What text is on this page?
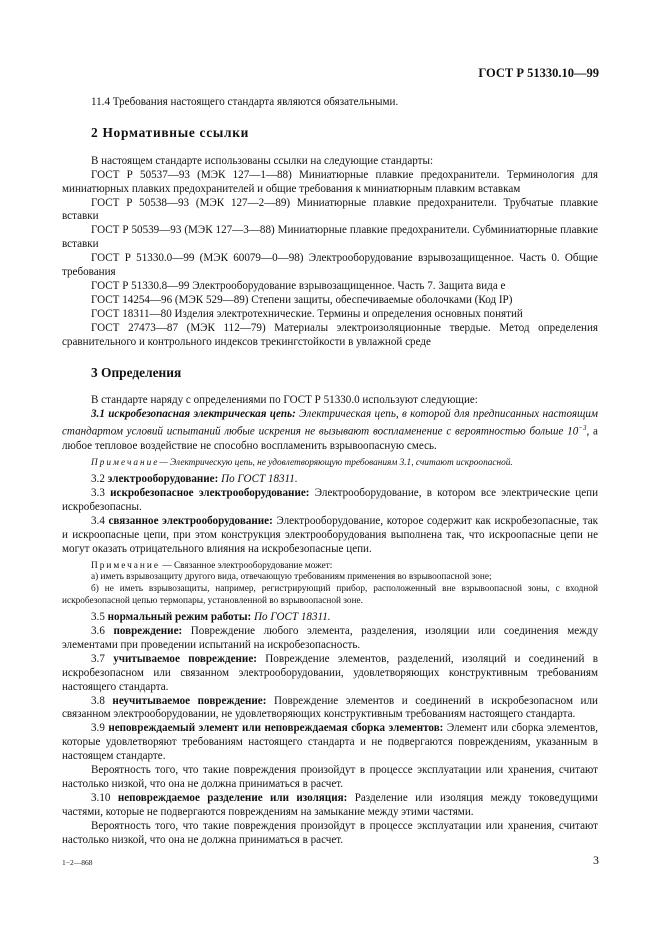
ГОСТ Р 51330.10—99

11.4 Требования настоящего стандарта являются обязательными.

2 Нормативные ссылки

В настоящем стандарте использованы ссылки на следующие стандарты:

ГОСТ Р 50537—93 (МЭК 127—1—88) Миниатюрные плавкие предохранители. Терминология для миниатюрных плавких предохранителей и общие требования к миниатюрным плавким вставкам

ГОСТ Р 50538—93 (МЭК 127—2—89) Миниатюрные плавкие предохранители. Трубчатые плавкие вставки

ГОСТ Р 50539—93 (МЭК 127—3—88) Миниатюрные плавкие предохранители. Субминиатюрные плавкие вставки

ГОСТ Р 51330.0—99 (МЭК 60079—0—98) Электрооборудование взрывозащищенное. Часть 0. Общие требования

ГОСТ Р 51330.8—99 Электрооборудование взрывозащищенное. Часть 7. Защита вида е

ГОСТ 14254—96 (МЭК 529—89) Степени защиты, обеспечиваемые оболочками (Код IP)

ГОСТ 18311—80 Изделия электротехнические. Термины и определения основных понятий

ГОСТ 27473—87 (МЭК 112—79) Материалы электроизоляционные твердые. Метод определения сравнительного и контрольного индексов трекингстойкости в увлажной среде

3 Определения

В стандарте наряду с определениями по ГОСТ Р 51330.0 используют следующие:

3.1 искробезопасная электрическая цепь: Электрическая цепь, в которой для предписанных настоящим стандартом условий испытаний любые искрения не вызывают воспламенение с вероятностью больше $10^{-3}$, а любое тепловое воздействие не способно воспламенить взрывоопасную смесь.

Примечание— Электрическую цепь, не удовлетворяющую требованиям 3.1, считают искроопасной.

3.2 электрооборудование: По ГОСТ 18311.

3.3 искробезопасное электрооборудование: Электрооборудование, в котором все электрические цепи искробезопасны.

3.4 связанное электрооборудование: Электрооборудование, которое содержит как искробезопасные, так и искроопасные цепи, при этом конструкция электрооборудования выполнена так, что искроопасные цепи не могут оказать отрицательного влияния на искробезопасные цепи.

Примечание — Связанное электрооборудование может:

а) иметь взрывозащиту другого вида, отвечающую требованиям применения во взрывоопасной зоне;

б) не иметь взрывозащиты, например, регистрирующий прибор, расположенный вне взрывоопасной зоны, с входной искробезопасной цепью термопары, установленной во взрывоопасной зоне.

3.5 нормальный режим работы: По ГОСТ 18311.

3.6 повреждение: Повреждение любого элемента, разделения, изоляции или соединения между элементами при проведении испытаний на искробезопасность.

3.7 учитываемое повреждение: Повреждение элементов, разделений, изоляций и соединений в искробезопасном или связанном электрооборудовании, удовлетворяющих конструктивным требованиям настоящего стандарта.

3.8 неучитываемое повреждение: Повреждение элементов и соединений в искробезопасном или связанном электрооборудовании, не удовлетворяющих конструктивным требованиям настоящего стандарта.

3.9 неповреждаемый элемент или неповреждаемая сборка элементов: Элемент или сборка элементов, которые удовлетворяют требованиям настоящего стандарта и не подвергаются повреждениям, указанным в настоящем стандарте.

Вероятность того, что такие повреждения произойдут в процессе эксплуатации или хранения, считают настолько низкой, что она не должна приниматься в расчет.

3.10 неповреждаемое разделение или изоляция: Разделение или изоляция между токоведущими частями, которые не подвергаются повреждениям на замыкание между этими частями.

Вероятность того, что такие повреждения произойдут в процессе эксплуатации или хранения, считают настолько низкой, что она не должна приниматься в расчет.

1−2—868	3
